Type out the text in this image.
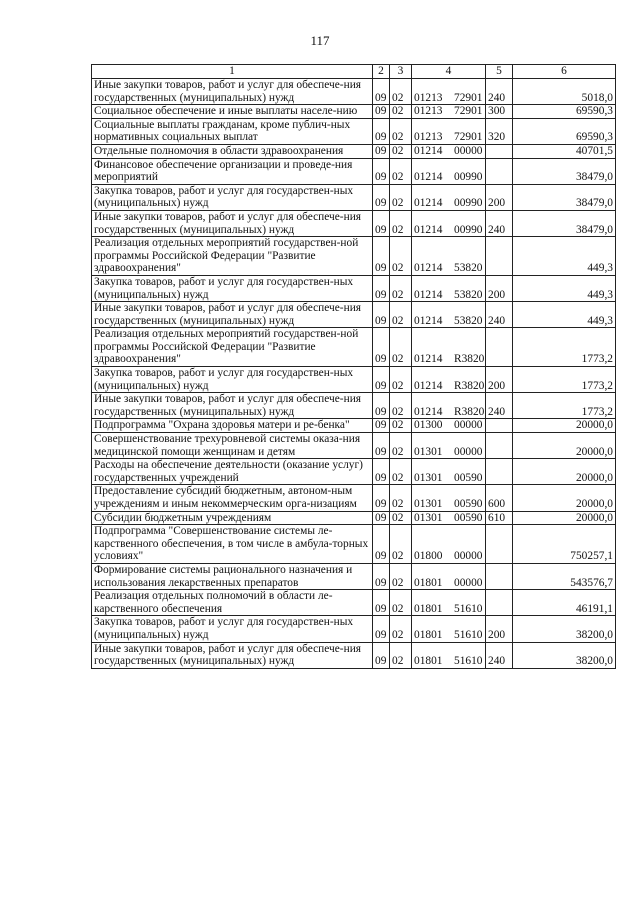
117
1	2	3	4	5	6
Иные закупки товаров, работ и услуг для обеспече-ния государственных (муниципальных) нужд	09	02	01213 72901	240	5018,0
Социальное обеспечение и иные выплаты населе-нию	09	02	01213 72901	300	69590,3
Социальные выплаты гражданам, кроме публич-ных нормативных социальных выплат	09	02	01213 72901	320	69590,3
Отдельные полномочия в области здравоохранения	09	02	01214 00000		40701,5
Финансовое обеспечение организации и проведе-ния мероприятий	09	02	01214 00990		38479,0
Закупка товаров, работ и услуг для государствен-ных (муниципальных) нужд	09	02	01214 00990	200	38479,0
Иные закупки товаров, работ и услуг для обеспече-ния государственных (муниципальных) нужд	09	02	01214 00990	240	38479,0
Реализация отдельных мероприятий государствен-ной программы Российской Федерации "Развитие здравоохранения"	09	02	01214 53820		449,3
Закупка товаров, работ и услуг для государствен-ных (муниципальных) нужд	09	02	01214 53820	200	449,3
Иные закупки товаров, работ и услуг для обеспече-ния государственных (муниципальных) нужд	09	02	01214 53820	240	449,3
Реализация отдельных мероприятий государствен-ной программы Российской Федерации "Развитие здравоохранения"	09	02	01214 R3820		1773,2
Закупка товаров, работ и услуг для государствен-ных (муниципальных) нужд	09	02	01214 R3820	200	1773,2
Иные закупки товаров, работ и услуг для обеспече-ния государственных (муниципальных) нужд	09	02	01214 R3820	240	1773,2
Подпрограмма "Охрана здоровья матери и ре-бенка"	09	02	01300 00000		20000,0
Совершенствование трехуровневой системы оказа-ния медицинской помощи женщинам и детям	09	02	01301 00000		20000,0
Расходы на обеспечение деятельности (оказание услуг) государственных учреждений	09	02	01301 00590		20000,0
Предоставление субсидий бюджетным, автоном-ным учреждениям и иным некоммерческим орга-низациям	09	02	01301 00590	600	20000,0
Субсидии бюджетным учреждениям	09	02	01301 00590	610	20000,0
Подпрограмма "Совершенствование системы ле-карственного обеспечения, в том числе в амбула-торных условиях"	09	02	01800 00000		750257,1
Формирование системы рационального назначения и использования лекарственных препаратов	09	02	01801 00000		543576,7
Реализация отдельных полномочий в области ле-карственного обеспечения	09	02	01801 51610		46191,1
Закупка товаров, работ и услуг для государствен-ных (муниципальных) нужд	09	02	01801 51610	200	38200,0
Иные закупки товаров, работ и услуг для обеспече-ния государственных (муниципальных) нужд	09	02	01801 51610	240	38200,0
